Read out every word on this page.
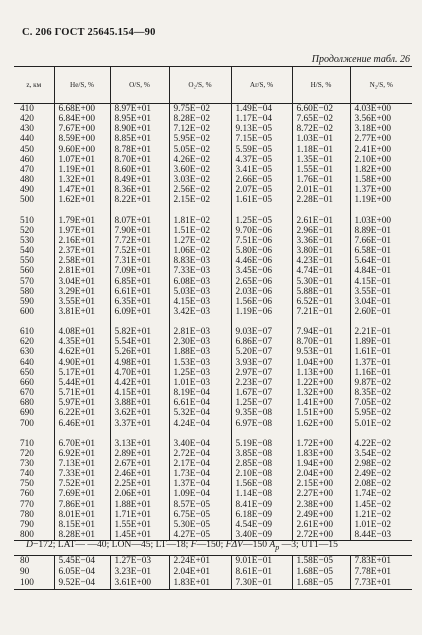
С. 206 ГОСТ 25645.154—90
Продолжение табл. 26
z, км	He/S, %	O/S, %	O₂/S, %	Ar/S, %	H/S, %	N₂/S, %
410	6.68E+00	8.97E+01	9.75E−02	1.49E−04	6.60E−02	4.03E+00
420	6.84E+00	8.95E+01	8.28E−02	1.17E−04	7.65E−02	3.56E+00
430	7.67E+00	8.90E+01	7.12E−02	9.13E−05	8.72E−02	3.18E+00
440	8.59E+00	8.85E+01	5.95E−02	7.15E−05	1.03E−01	2.77E+00
450	9.60E+00	8.78E+01	5.05E−02	5.59E−05	1.18E−01	2.41E+00
460	1.07E+01	8.70E+01	4.26E−02	4.37E−05	1.35E−01	2.10E+00
470	1.19E+01	8.60E+01	3.60E−02	3.41E−05	1.55E−01	1.82E+00
480	1.32E+01	8.49E+01	3.03E−02	2.66E−05	1.76E−01	1.58E+00
490	1.47E+01	8.36E+01	2.56E−02	2.07E−05	2.01E−01	1.37E+00
500	1.62E+01	8.22E+01	2.15E−02	1.61E−05	2.28E−01	1.19E+00

510	1.79E+01	8.07E+01	1.81E−02	1.25E−05	2.61E−01	1.03E+00
520	1.97E+01	7.90E+01	1.51E−02	9.70E−06	2.96E−01	8.89E−01
530	2.16E+01	7.72E+01	1.27E−02	7.51E−06	3.36E−01	7.66E−01
540	2.37E+01	7.52E+01	1.06E−02	5.80E−06	3.80E−01	6.58E−01
550	2.58E+01	7.31E+01	8.83E−03	4.46E−06	4.23E−01	5.64E−01
560	2.81E+01	7.09E+01	7.33E−03	3.45E−06	4.74E−01	4.84E−01
570	3.04E+01	6.85E+01	6.08E−03	2.65E−06	5.30E−01	4.15E−01
580	3.29E+01	6.61E+01	5.03E−03	2.03E−06	5.88E−01	3.55E−01
590	3.55E+01	6.35E+01	4.15E−03	1.56E−06	6.52E−01	3.04E−01
600	3.81E+01	6.09E+01	3.42E−03	1.19E−06	7.21E−01	2.60E−01

610	4.08E+01	5.82E+01	2.81E−03	9.03E−07	7.94E−01	2.21E−01
620	4.35E+01	5.54E+01	2.30E−03	6.86E−07	8.70E−01	1.89E−01
630	4.62E+01	5.26E+01	1.88E−03	5.20E−07	9.53E−01	1.61E−01
640	4.90E+01	4.98E+01	1.53E−03	3.93E−07	1.04E+00	1.37E−01
650	5.17E+01	4.70E+01	1.25E−03	2.97E−07	1.13E+00	1.16E−01
660	5.44E+01	4.42E+01	1.01E−03	2.23E−07	1.22E+00	9.87E−02
670	5.71E+01	4.15E+01	8.19E−04	1.67E−07	1.32E+00	8.35E−02
680	5.97E+01	3.88E+01	6.61E−04	1.25E−07	1.41E+00	7.05E−02
690	6.22E+01	3.62E+01	5.32E−04	9.35E−08	1.51E+00	5.95E−02
700	6.46E+01	3.37E+01	4.24E−04	6.97E−08	1.62E+00	5.01E−02

710	6.70E+01	3.13E+01	3.40E−04	5.19E−08	1.72E+00	4.22E−02
720	6.92E+01	2.89E+01	2.72E−04	3.85E−08	1.83E+00	3.54E−02
730	7.13E+01	2.67E+01	2.17E−04	2.85E−08	1.94E+00	2.98E−02
740	7.33E+01	2.46E+01	1.73E−04	2.10E−08	2.04E+00	2.49E−02
750	7.52E+01	2.25E+01	1.37E−04	1.56E−08	2.15E+00	2.08E−02
760	7.69E+01	2.06E+01	1.09E−04	1.14E−08	2.27E+00	1.74E−02
770	7.86E+01	1.88E+01	8.57E−05	8.41E−09	2.38E+00	1.45E−02
780	8.01E+01	1.71E+01	6.75E−05	6.18E−09	2.49E+00	1.21E−02
790	8.15E+01	1.55E+01	5.30E−05	4.54E−09	2.61E+00	1.01E−02
800	8.28E+01	1.45E+01	4.27E−05	3.40E−09	2.72E+00	8.44E−03
D−172; LAT— —40; LON—45; LT—18; F—150; FΔV—150 $A_p$ —3; UT1—15
80	5.45E−04	1.27E−03	2.24E+01	9.01E−01	1.58E−05	7.83E+01
90	6.05E−04	3.23E−01	2.04E+01	8.61E−01	1.68E−05	7.78E+01
100	9.52E−04	3.61E+00	1.83E+01	7.30E−01	1.68E−05	7.73E+01
